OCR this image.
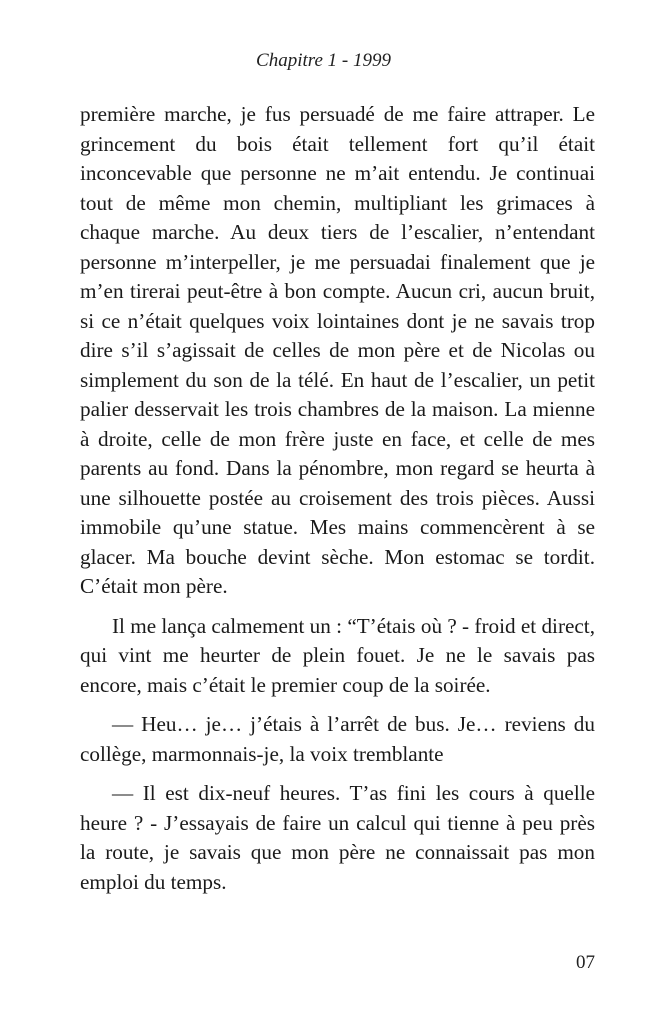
Chapitre 1 - 1999

première marche, je fus persuadé de me faire attraper. Le grincement du bois était tellement fort qu’il était inconcevable que personne ne m’ait entendu. Je continuai tout de même mon chemin, multipliant les grimaces à chaque marche. Au deux tiers de l’escalier, n’entendant personne m’interpeller, je me persuadai finalement que je m’en tirerai peut-être à bon compte. Aucun cri, aucun bruit, si ce n’était quelques voix lointaines dont je ne savais trop dire s’il s’agissait de celles de mon père et de Nicolas ou simplement du son de la télé. En haut de l’escalier, un petit palier desservait les trois chambres de la maison. La mienne à droite, celle de mon frère juste en face, et celle de mes parents au fond. Dans la pénombre, mon regard se heurta à une silhouette postée au croisement des trois pièces. Aussi immobile qu’une statue. Mes mains commencèrent à se glacer. Ma bouche devint sèche. Mon estomac se tordit. C’était mon père.

Il me lança calmement un : “T’étais où ? - froid et direct, qui vint me heurter de plein fouet. Je ne le savais pas encore, mais c’était le premier coup de la soirée.

— Heu… je… j’étais à l’arrêt de bus. Je… reviens du collège, marmonnais-je, la voix tremblante

— Il est dix-neuf heures. T’as fini les cours à quelle heure ? - J’essayais de faire un calcul qui tienne à peu près la route, je savais que mon père ne connaissait pas mon emploi du temps.

07
